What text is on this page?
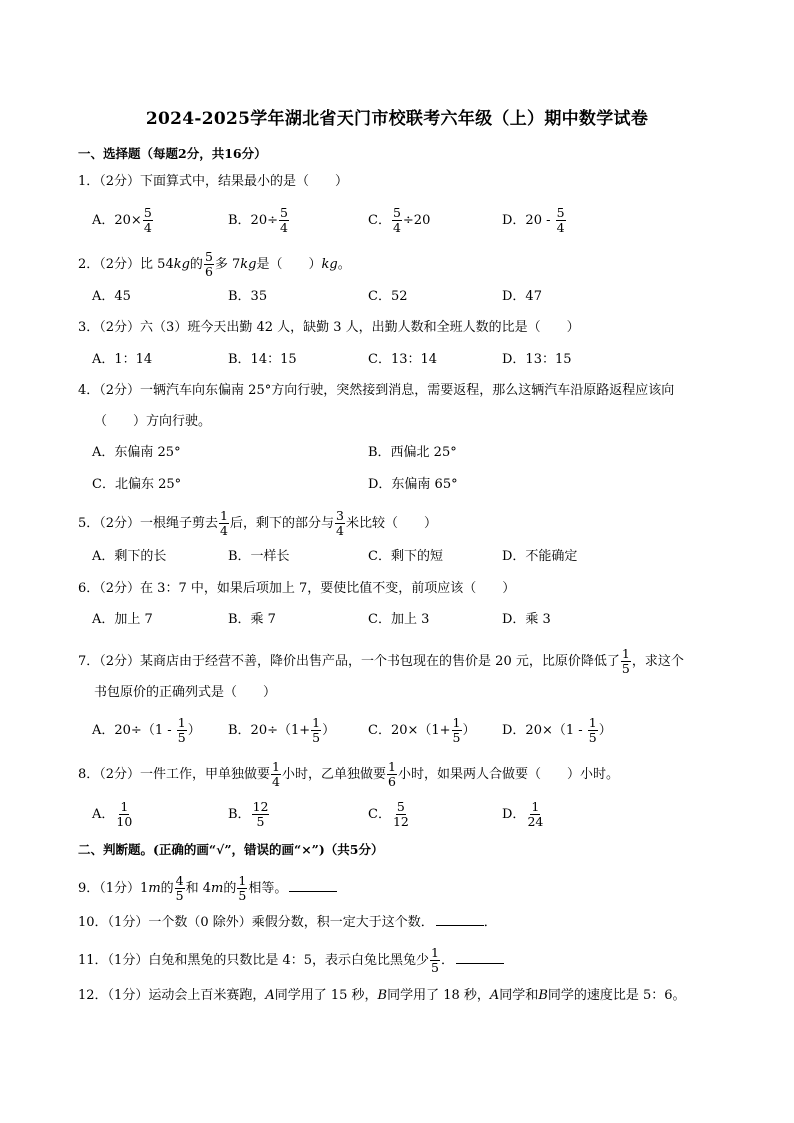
2024-2025学年湖北省天门市校联考六年级（上）期中数学试卷
一、选择题（每题2分，共16分）
1．（2分）下面算式中，结果最小的是（　　）
A．$20\times \frac{5}{4}$	B．$20\div \frac{5}{4}$	C． $\frac{5}{4} \div 20$	D．$20 - \frac{5}{4}$
2．（2分）比 54kg的 $\frac{5}{6}$ 多 7kg是（　　）kg。
A．45	B．35	C．52	D．47
3．（2分）六（3）班今天出勤 42 人，缺勤 3 人，出勤人数和全班人数的比是（　　）
A．1：14	B．14：15	C．13：14	D．13：15
4．（2分）一辆汽车向东偏南 25°方向行驶，突然接到消息，需要返程，那么这辆汽车沿原路返程应该向
（　　）方向行驶。
A．东偏南 25°	B．西偏北 25°
C．北偏东 25°	D．东偏南 65°
5．（2分）一根绳子剪去 $\frac{1}{4}$ 后，剩下的部分与 $\frac{3}{4}$ 米比较（　　）
A．剩下的长	B．一样长	C．剩下的短	D．不能确定
6．（2分）在 3：7 中，如果后项加上 7，要使比值不变，前项应该（　　）
A．加上 7	B．乘 7	C．加上 3	D．乘 3
7．（2分）某商店由于经营不善，降价出售产品，一个书包现在的售价是 20 元，比原价降低了 $\frac{1}{5}$ ，求这个
书包原价的正确列式是（　　）
A．$20\div(1 - \frac{1}{5}$ ） B．$20\div(1+ \frac{1}{5}$ ）	C．$20\times(1+ \frac{1}{5}$ ） D．$20\times(1 - \frac{1}{5}$ ）
8．（2分）一件工作，甲单独做要 $\frac{1}{4}$ 小时，乙单独做要 $\frac{1}{6}$ 小时，如果两人合做要（　　）小时。
A． $\frac{1}{10}$	B． $\frac{12}{5}$	C． $\frac{5}{12}$	D． $\frac{1}{24}$
二、判断题。(正确的画“√”，错误的画“×”)（共5分）
9．（1分）1m的 $\frac{4}{5}$ 和 4m的 $\frac{1}{5}$ 相等。
10．（1分）一个数（0 除外）乘假分数，积一定大于这个数．	．
11．（1分）白兔和黑兔的只数比是 4：5，表示白兔比黑兔少 $\frac{1}{5}$ ．
12．（1分）运动会上百米赛跑，A同学用了 15 秒，B同学用了 18 秒，A同学和B同学的速度比是 5：6。
